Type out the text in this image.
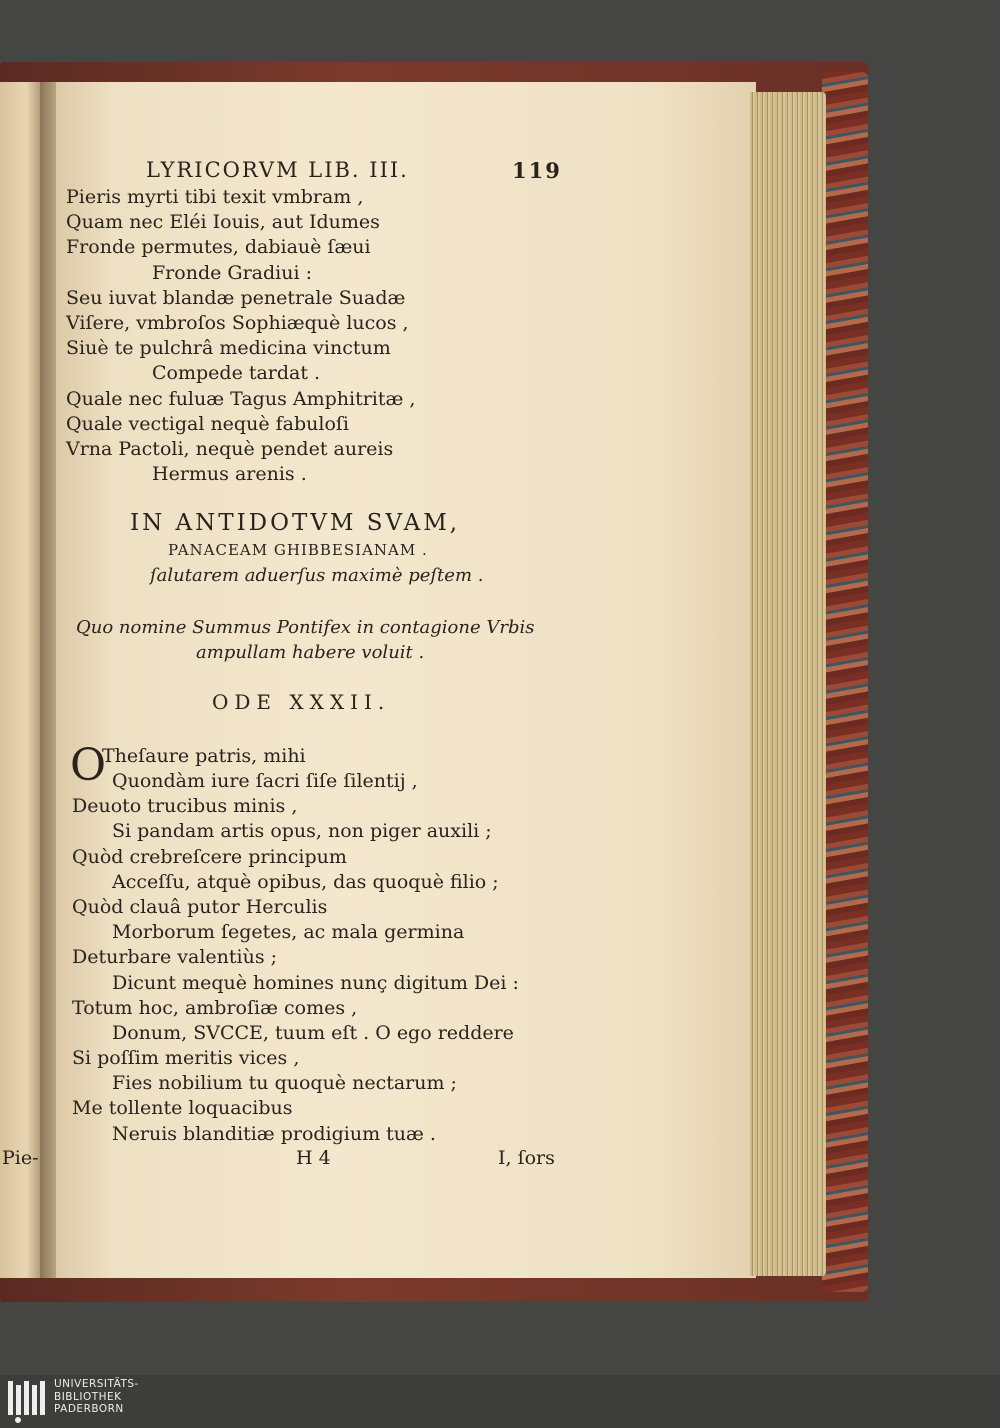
LYRICORVM LIB. III.	119
Pieris myrti tibi texit vmbram ,
Quam nec Eléi Iouis, aut Idumes
Fronde permutes, dabiauè ſæui
Fronde Gradiui :
Seu iuvat blandæ penetrale Suadæ
Viſere, vmbroſos Sophiæquè lucos ,
Siuè te pulchrâ medicina vinctum
Compede tardat .
Quale nec fuluæ Tagus Amphitritæ ,
Quale vectigal nequè fabuloſi
Vrna Pactoli, nequè pendet aureis
Hermus arenis .
IN ANTIDOTVM SVAM,
PANACEAM GHIBBESIANAM .
ſalutarem aduerſus maximè peſtem .
Quo nomine Summus Pontifex in contagione Vrbis
ampullam habere voluit .
ODE XXXII.
O
Theſaure patris, mihi
Quondàm iure ſacri ſiſe ſilentij ,
Deuoto trucibus minis ,
Si pandam artis opus, non piger auxili ;
Quòd crebreſcere principum
Acceſſu, atquè opibus, das quoquè filio ;
Quòd clauâ putor Herculis
Morborum ſegetes, ac mala germina
Deturbare valentiùs ;
Dicunt mequè homines nunç digitum Dei :
Totum hoc, ambroſiæ comes ,
Donum, SVCCE, tuum eſt . O ego reddere
Si poſſim meritis vices ,
Fies nobilium tu quoquè nectarum ;
Me tollente loquacibus
Neruis blanditiæ prodigium tuæ .
H 4	I, ſors
Pie-
UNIVERSITÄTS-
BIBLIOTHEK
PADERBORN
